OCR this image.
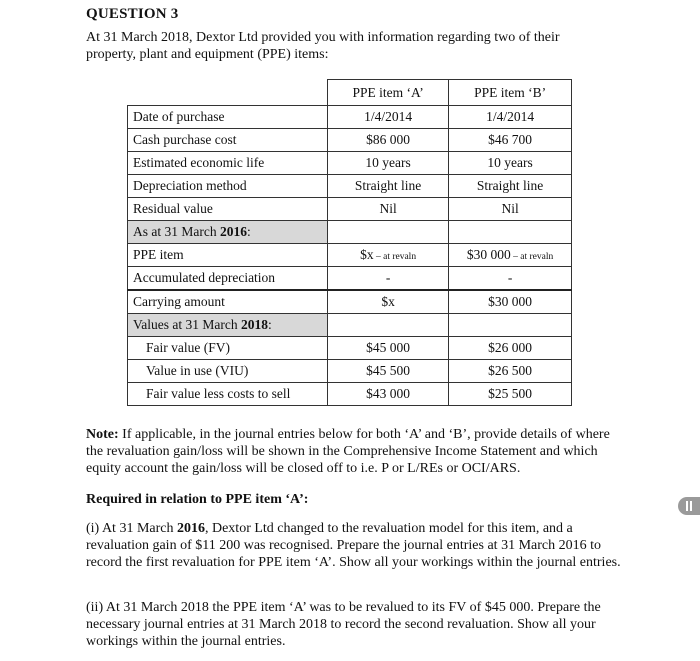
QUESTION 3
At 31 March 2018, Dextor Ltd provided you with information regarding two of their property, plant and equipment (PPE) items:
	PPE item ‘A’	PPE item ‘B’
Date of purchase	1/4/2014	1/4/2014
Cash purchase cost	$86 000	$46 700
Estimated economic life	10 years	10 years
Depreciation method	Straight line	Straight line
Residual value	Nil	Nil
As at 31 March 2016:		
PPE item	$x – at revaln	$30 000 – at revaln
Accumulated depreciation	-	-
Carrying amount	$x	$30 000
Values at 31 March 2018:		
Fair value (FV)	$45 000	$26 000
Value in use (VIU)	$45 500	$26 500
Fair value less costs to sell	$43 000	$25 500
Note: If applicable, in the journal entries below for both ‘A’ and ‘B’, provide details of where the revaluation gain/loss will be shown in the Comprehensive Income Statement and which equity account the gain/loss will be closed off to i.e. P or L/REs or OCI/ARS.
Required in relation to PPE item ‘A’:
(i) At 31 March 2016, Dextor Ltd changed to the revaluation model for this item, and a revaluation gain of $11 200 was recognised. Prepare the journal entries at 31 March 2016 to record the first revaluation for PPE item ‘A’. Show all your workings within the journal entries.
(ii) At 31 March 2018 the PPE item ‘A’ was to be revalued to its FV of $45 000. Prepare the necessary journal entries at 31 March 2018 to record the second revaluation. Show all your workings within the journal entries.
